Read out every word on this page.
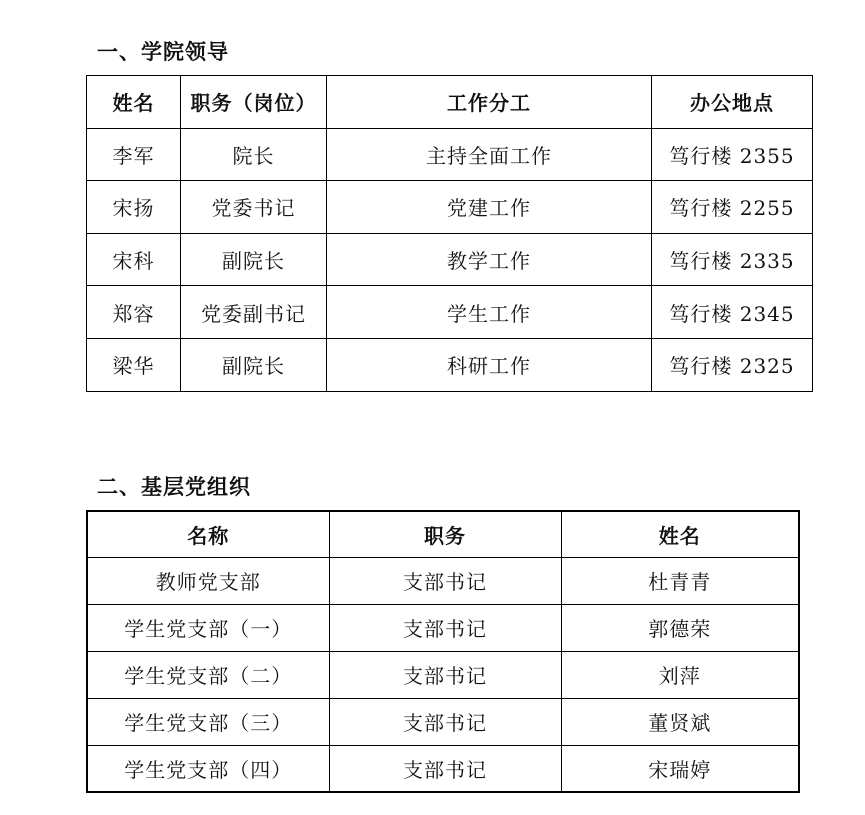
一、学院领导
姓名	职务（岗位）	工作分工	办公地点
李军	院长	主持全面工作	笃行楼 2355
宋扬	党委书记	党建工作	笃行楼 2255
宋科	副院长	教学工作	笃行楼 2335
郑容	党委副书记	学生工作	笃行楼 2345
梁华	副院长	科研工作	笃行楼 2325
二、基层党组织
名称	职务	姓名
教师党支部	支部书记	杜青青
学生党支部（一）	支部书记	郭德荣
学生党支部（二）	支部书记	刘萍
学生党支部（三）	支部书记	董贤斌
学生党支部（四）	支部书记	宋瑞婷
